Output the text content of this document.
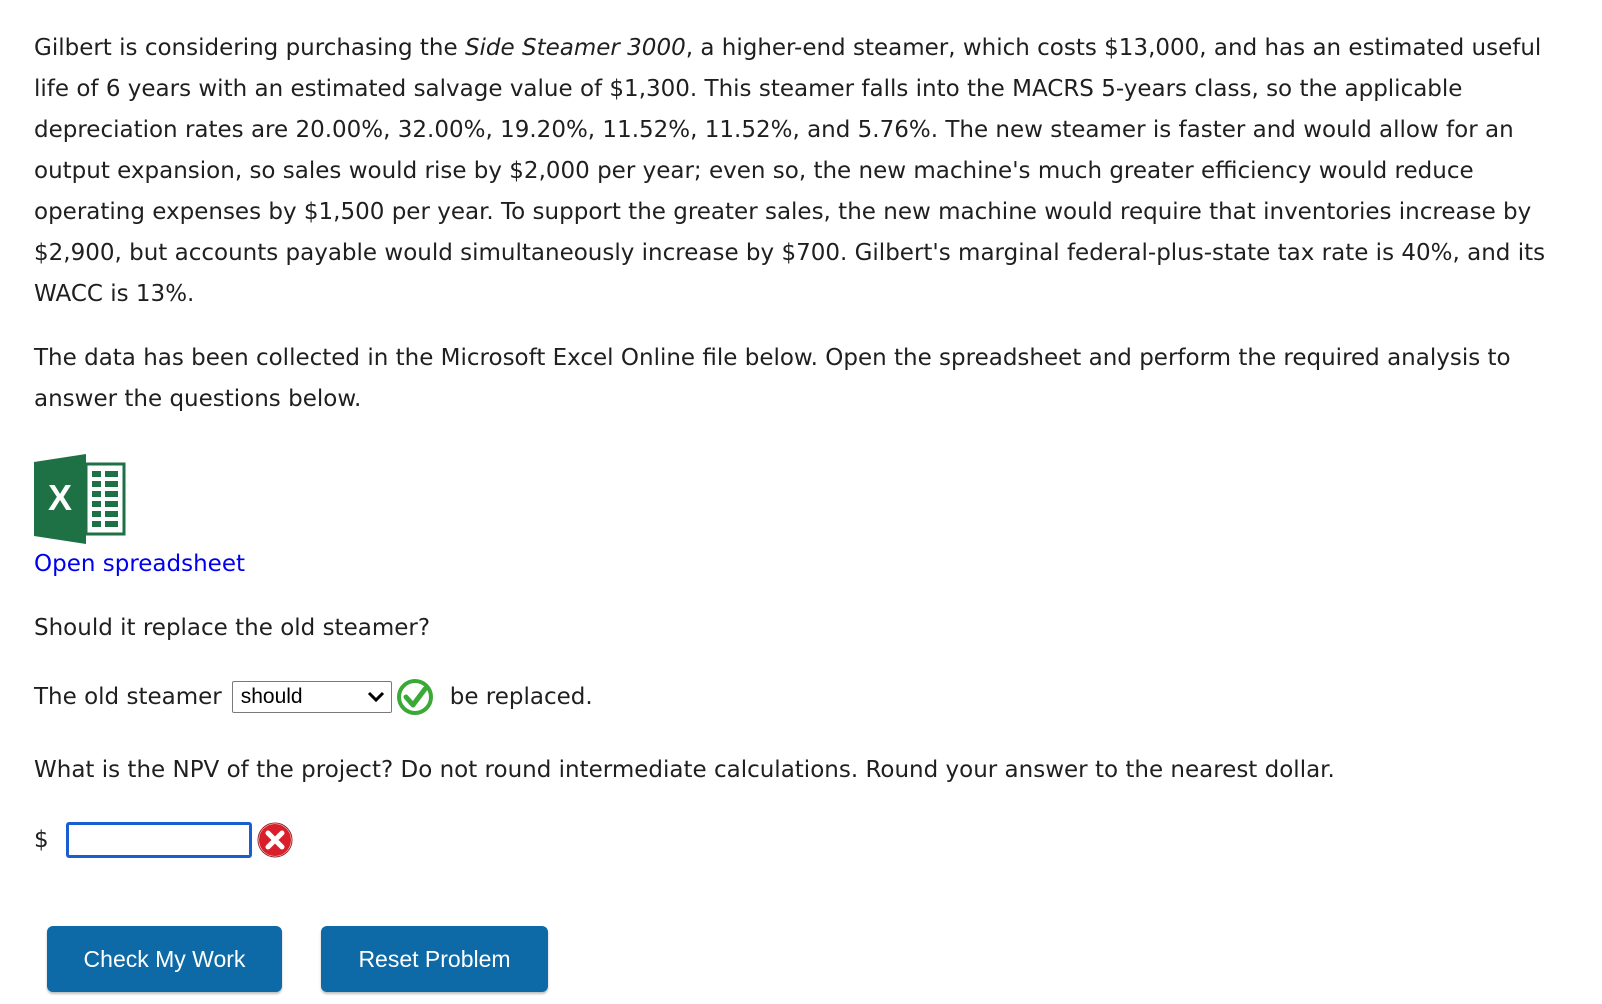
Gilbert is considering purchasing the Side Steamer 3000, a higher-end steamer, which costs $13,000, and has an estimated useful life of 6 years with an estimated salvage value of $1,300. This steamer falls into the MACRS 5-years class, so the applicable depreciation rates are 20.00%, 32.00%, 19.20%, 11.52%, 11.52%, and 5.76%. The new steamer is faster and would allow for an output expansion, so sales would rise by $2,000 per year; even so, the new machine's much greater efficiency would reduce operating expenses by $1,500 per year. To support the greater sales, the new machine would require that inventories increase by $2,900, but accounts payable would simultaneously increase by $700. Gilbert's marginal federal-plus-state tax rate is 40%, and its WACC is 13%.

The data has been collected in the Microsoft Excel Online file below. Open the spreadsheet and perform the required analysis to answer the questions below.

X
Open spreadsheet
Should it replace the old steamer?
The old steamer should	be replaced.
What is the NPV of the project? Do not round intermediate calculations. Round your answer to the nearest dollar.
$
Check My Work	Reset Problem
